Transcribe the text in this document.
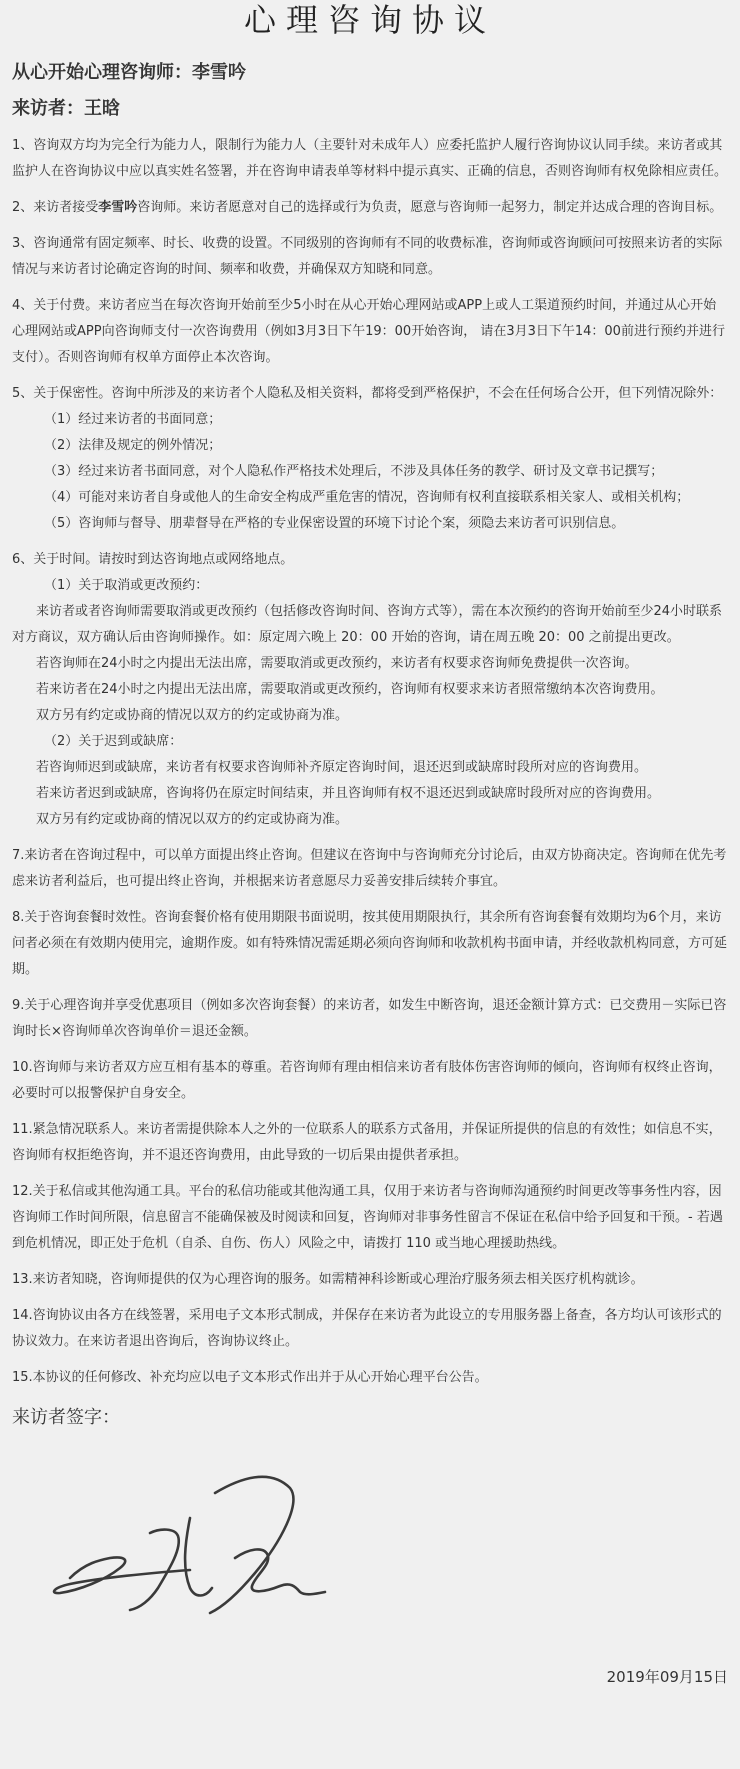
心理咨询协议

从心开始心理咨询师：李雪吟

来访者：王晗

1、咨询双方均为完全行为能力人，限制行为能力人（主要针对未成年人）应委托监护人履行咨询协议认同手续。来访者或其监护人在咨询协议中应以真实姓名签署，并在咨询申请表单等材料中提示真实、正确的信息，否则咨询师有权免除相应责任。

2、来访者接受李雪吟咨询师。来访者愿意对自己的选择或行为负责，愿意与咨询师一起努力，制定并达成合理的咨询目标。

3、咨询通常有固定频率、时长、收费的设置。不同级别的咨询师有不同的收费标准，咨询师或咨询顾问可按照来访者的实际情况与来访者讨论确定咨询的时间、频率和收费，并确保双方知晓和同意。

4、关于付费。来访者应当在每次咨询开始前至少5小时在从心开始心理网站或APP上或人工渠道预约时间，并通过从心开始心理网站或APP向咨询师支付一次咨询费用（例如3月3日下午19：00开始咨询， 请在3月3日下午14：00前进行预约并进行支付）。否则咨询师有权单方面停止本次咨询。

5、关于保密性。咨询中所涉及的来访者个人隐私及相关资料，都将受到严格保护，不会在任何场合公开，但下列情况除外：

（1）经过来访者的书面同意；

（2）法律及规定的例外情况；

（3）经过来访者书面同意，对个人隐私作严格技术处理后，不涉及具体任务的教学、研讨及文章书记撰写；

（4）可能对来访者自身或他人的生命安全构成严重危害的情况，咨询师有权利直接联系相关家人、或相关机构；

（5）咨询师与督导、朋辈督导在严格的专业保密设置的环境下讨论个案，须隐去来访者可识别信息。

6、关于时间。请按时到达咨询地点或网络地点。

（1）关于取消或更改预约：

来访者或者咨询师需要取消或更改预约（包括修改咨询时间、咨询方式等），需在本次预约的咨询开始前至少24小时联系对方商议，双方确认后由咨询师操作。如：原定周六晚上 20：00 开始的咨询，请在周五晚 20：00 之前提出更改。

若咨询师在24小时之内提出无法出席，需要取消或更改预约，来访者有权要求咨询师免费提供一次咨询。

若来访者在24小时之内提出无法出席，需要取消或更改预约，咨询师有权要求来访者照常缴纳本次咨询费用。

双方另有约定或协商的情况以双方的约定或协商为准。

（2）关于迟到或缺席：

若咨询师迟到或缺席，来访者有权要求咨询师补齐原定咨询时间，退还迟到或缺席时段所对应的咨询费用。

若来访者迟到或缺席，咨询将仍在原定时间结束，并且咨询师有权不退还迟到或缺席时段所对应的咨询费用。

双方另有约定或协商的情况以双方的约定或协商为准。

7.来访者在咨询过程中，可以单方面提出终止咨询。但建议在咨询中与咨询师充分讨论后，由双方协商决定。咨询师在优先考虑来访者利益后，也可提出终止咨询，并根据来访者意愿尽力妥善安排后续转介事宜。

8.关于咨询套餐时效性。咨询套餐价格有使用期限书面说明，按其使用期限执行，其余所有咨询套餐有效期均为6个月，来访问者必须在有效期内使用完，逾期作废。如有特殊情况需延期必须向咨询师和收款机构书面申请，并经收款机构同意，方可延期。

9.关于心理咨询并享受优惠项目（例如多次咨询套餐）的来访者，如发生中断咨询，退还金额计算方式：已交费用－实际已咨询时长×咨询师单次咨询单价＝退还金额。

10.咨询师与来访者双方应互相有基本的尊重。若咨询师有理由相信来访者有肢体伤害咨询师的倾向，咨询师有权终止咨询，必要时可以报警保护自身安全。

11.紧急情况联系人。来访者需提供除本人之外的一位联系人的联系方式备用，并保证所提供的信息的有效性；如信息不实，咨询师有权拒绝咨询，并不退还咨询费用，由此导致的一切后果由提供者承担。

12.关于私信或其他沟通工具。平台的私信功能或其他沟通工具，仅用于来访者与咨询师沟通预约时间更改等事务性内容，因咨询师工作时间所限，信息留言不能确保被及时阅读和回复，咨询师对非事务性留言不保证在私信中给予回复和干预。- 若遇到危机情况，即正处于危机（自杀、自伤、伤人）风险之中，请拨打 110 或当地心理援助热线。

13.来访者知晓，咨询师提供的仅为心理咨询的服务。如需精神科诊断或心理治疗服务须去相关医疗机构就诊。

14.咨询协议由各方在线签署，采用电子文本形式制成，并保存在来访者为此设立的专用服务器上备查，各方均认可该形式的协议效力。在来访者退出咨询后，咨询协议终止。

15.本协议的任何修改、补充均应以电子文本形式作出并于从心开始心理平台公告。

来访者签字：

2019年09月15日
